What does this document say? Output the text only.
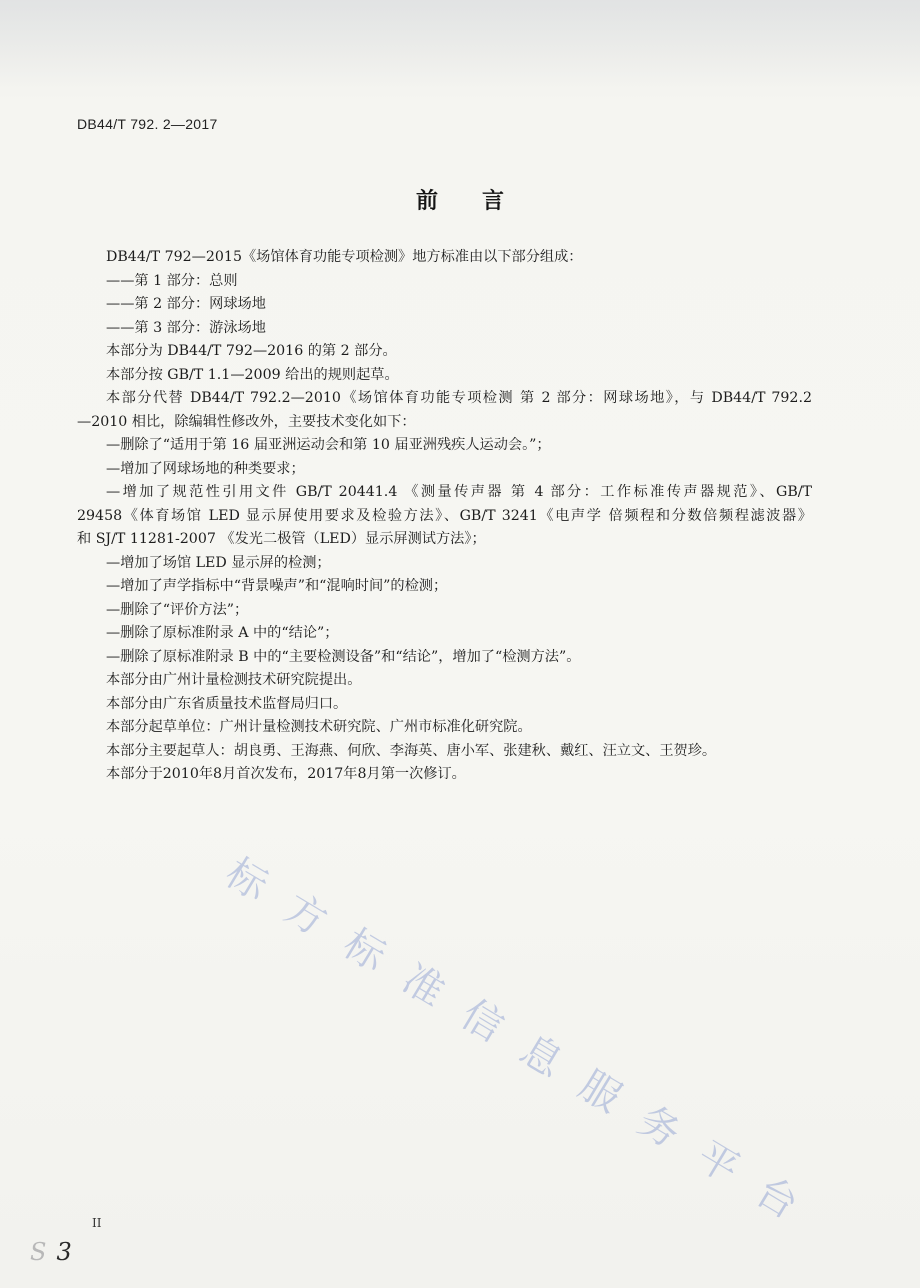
DB44/T 792. 2—2017
前言
DB44/T 792—2015《场馆体育功能专项检测》地方标准由以下部分组成：
——第 1 部分：总则
——第 2 部分：网球场地
——第 3 部分：游泳场地
本部分为 DB44/T 792—2016 的第 2 部分。
本部分按 GB/T 1.1—2009 给出的规则起草。
本部分代替 DB44/T 792.2—2010《场馆体育功能专项检测 第 2 部分：网球场地》，与 DB44/T 792.2
—2010 相比，除编辑性修改外，主要技术变化如下：
—删除了“适用于第 16 届亚洲运动会和第 10 届亚洲残疾人运动会。”；
—增加了网球场地的种类要求；
—增加了规范性引用文件 GB/T 20441.4 《测量传声器 第 4 部分：工作标准传声器规范》、GB/T
29458《体育场馆 LED 显示屏使用要求及检验方法》、GB/T 3241《电声学 倍频程和分数倍频程滤波器》
和 SJ/T 11281-2007 《发光二极管（LED）显示屏测试方法》；
—增加了场馆 LED 显示屏的检测；
—增加了声学指标中“背景噪声”和“混响时间”的检测；
—删除了“评价方法”；
—删除了原标准附录 A 中的“结论”；
—删除了原标准附录 B 中的“主要检测设备”和“结论”，增加了“检测方法”。
本部分由广州计量检测技术研究院提出。
本部分由广东省质量技术监督局归口。
本部分起草单位：广州计量检测技术研究院、广州市标准化研究院。
本部分主要起草人：胡良勇、王海燕、何欣、李海英、唐小军、张建秋、戴红、汪立文、王贺珍。
本部分于2010年8月首次发布，2017年8月第一次修订。
标 方 标 准 信 息 服 务 平 台
II
S 3
